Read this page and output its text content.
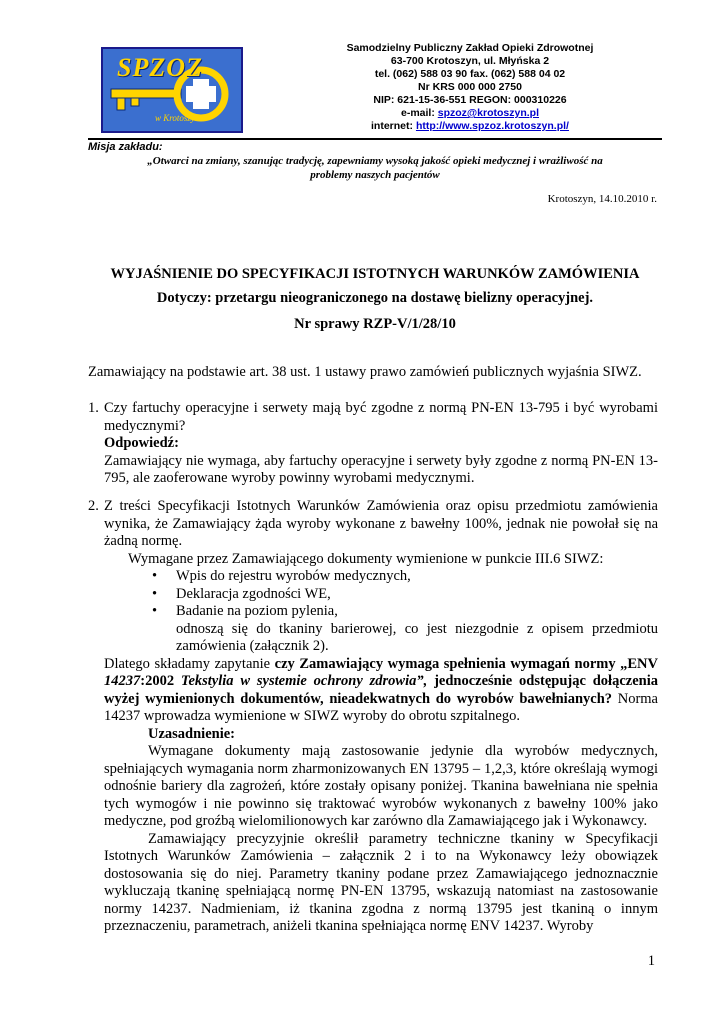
SPZOZ
w Krotoszynie
Samodzielny Publiczny Zakład Opieki Zdrowotnej
63-700 Krotoszyn, ul. Młyńska 2
tel. (062) 588 03 90 fax. (062) 588 04 02
Nr KRS 000 000 2750
NIP: 621-15-36-551 REGON: 000310226
e-mail: spzoz@krotoszyn.pl
internet: http://www.spzoz.krotoszyn.pl/
Misja zakładu:
„Otwarci na zmiany, szanując tradycję, zapewniamy wysoką jakość opieki medycznej i wrażliwość na
problemy naszych pacjentów
Krotoszyn, 14.10.2010 r.
WYJAŚNIENIE DO SPECYFIKACJI ISTOTNYCH WARUNKÓW ZAMÓWIENIA
Dotyczy: przetargu nieograniczonego na dostawę bielizny operacyjnej.
Nr sprawy RZP-V/1/28/10
Zamawiający na podstawie art. 38 ust. 1 ustawy prawo zamówień publicznych wyjaśnia SIWZ.
1. Czy fartuchy operacyjne i serwety mają być zgodne z normą PN-EN 13-795 i być wyrobami medycznymi?
Odpowiedź:
Zamawiający nie wymaga, aby fartuchy operacyjne i serwety były zgodne z normą PN-EN 13-795, ale zaoferowane wyroby powinny wyrobami medycznymi.
2. Z treści Specyfikacji Istotnych Warunków Zamówienia oraz opisu przedmiotu zamówienia wynika, że Zamawiający żąda wyroby wykonane z bawełny 100%, jednak nie powołał się na żadną normę.
Wymagane przez Zamawiającego dokumenty wymienione w punkcie III.6 SIWZ:
• Wpis do rejestru wyrobów medycznych,
• Deklaracja zgodności WE,
• Badanie na poziom pylenia,
odnoszą się do tkaniny barierowej, co jest niezgodnie z opisem przedmiotu zamówienia (załącznik 2).
Dlatego składamy zapytanie czy Zamawiający wymaga spełnienia wymagań normy „ENV 14237:2002 Tekstylia w systemie ochrony zdrowia”, jednocześnie odstępując dołączenia wyżej wymienionych dokumentów, nieadekwatnych do wyrobów bawełnianych? Norma 14237 wprowadza wymienione w SIWZ wyroby do obrotu szpitalnego.
Uzasadnienie:
Wymagane dokumenty mają zastosowanie jedynie dla wyrobów medycznych, spełniających wymagania norm zharmonizowanych EN 13795 – 1,2,3, które określają wymogi odnośnie bariery dla zagrożeń, które zostały opisany poniżej. Tkanina bawełniana nie spełnia tych wymogów i nie powinno się traktować wyrobów wykonanych z bawełny 100% jako medyczne, pod groźbą wielomilionowych kar zarówno dla Zamawiającego jak i Wykonawcy.
Zamawiający precyzyjnie określił parametry techniczne tkaniny w Specyfikacji Istotnych Warunków Zamówienia – załącznik 2 i to na Wykonawcy leży obowiązek dostosowania się do niej. Parametry tkaniny podane przez Zamawiającego jednoznacznie wykluczają tkaninę spełniającą normę PN-EN 13795, wskazują natomiast na zastosowanie normy 14237. Nadmieniam, iż tkanina zgodna z normą 13795 jest tkaniną o innym przeznaczeniu, parametrach, aniżeli tkanina spełniająca normę ENV 14237. Wyroby
1
